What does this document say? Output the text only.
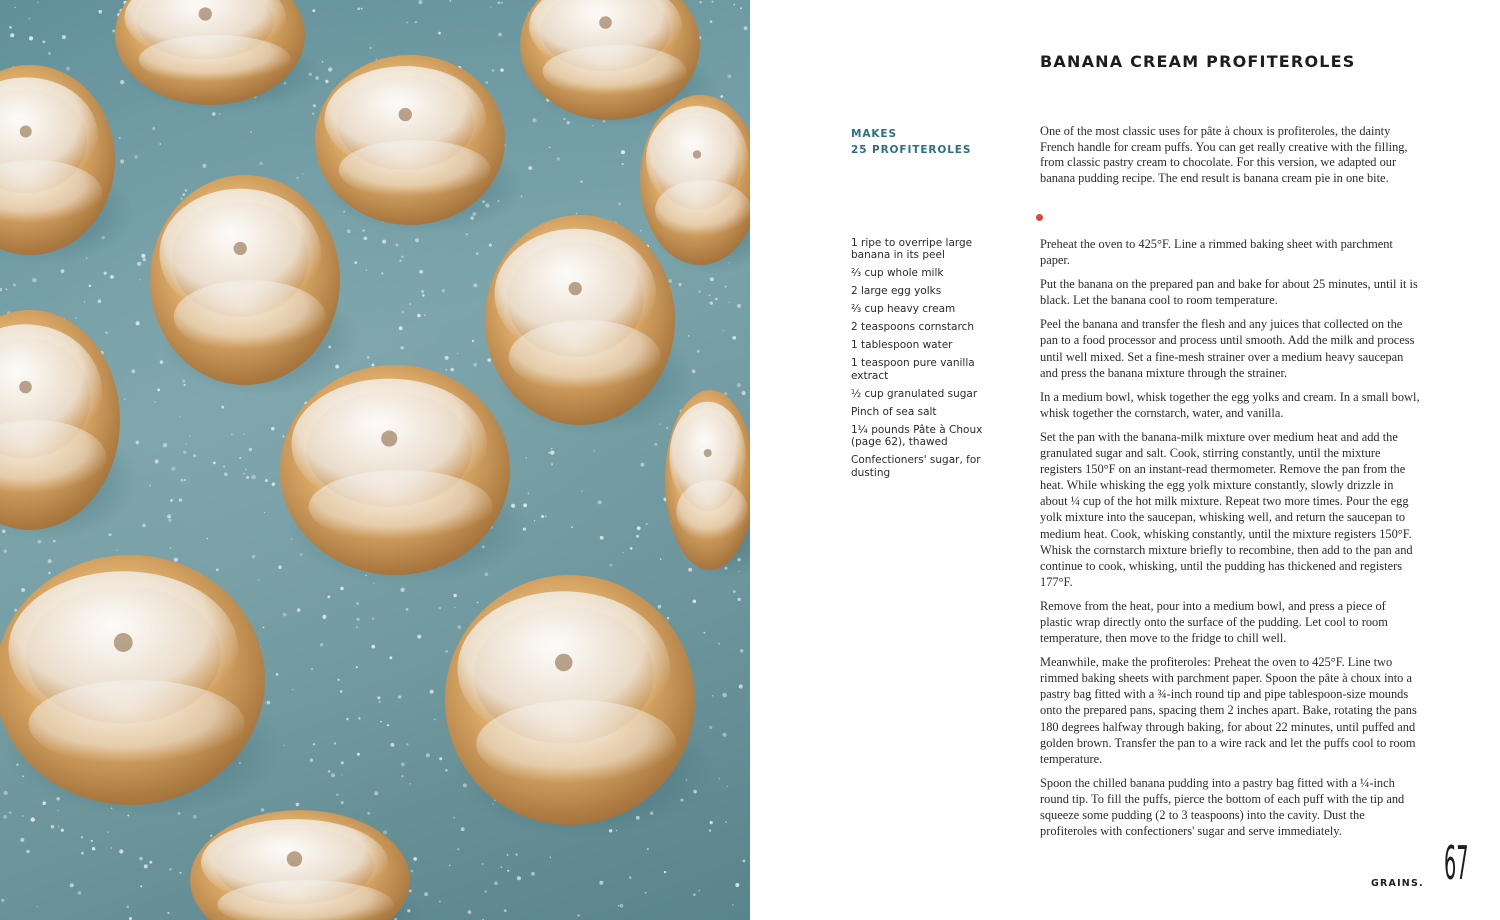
BANANA CREAM PROFITEROLES
MAKES
25 PROFITEROLES
One of the most classic uses for pâte à choux is profiteroles, the dainty French handle for cream puffs. You can get really creative with the filling, from classic pastry cream to chocolate. For this version, we adapted our banana pudding recipe. The end result is banana cream pie in one bite.
1 ripe to overripe large banana in its peel
⅔ cup whole milk
2 large egg yolks
⅔ cup heavy cream
2 teaspoons cornstarch
1 tablespoon water
1 teaspoon pure vanilla extract
½ cup granulated sugar
Pinch of sea salt
1¼ pounds Pâte à Choux (page 62), thawed
Confectioners' sugar, for dusting

Preheat the oven to 425°F. Line a rimmed baking sheet with parchment paper.

Put the banana on the prepared pan and bake for about 25 minutes, until it is black. Let the banana cool to room temperature.

Peel the banana and transfer the flesh and any juices that collected on the pan to a food processor and process until smooth. Add the milk and process until well mixed. Set a fine-mesh strainer over a medium heavy saucepan and press the banana mixture through the strainer.

In a medium bowl, whisk together the egg yolks and cream. In a small bowl, whisk together the cornstarch, water, and vanilla.

Set the pan with the banana-milk mixture over medium heat and add the granulated sugar and salt. Cook, stirring constantly, until the mixture registers 150°F on an instant-read thermometer. Remove the pan from the heat. While whisking the egg yolk mixture constantly, slowly drizzle in about ¼ cup of the hot milk mixture. Repeat two more times. Pour the egg yolk mixture into the saucepan, whisking well, and return the saucepan to medium heat. Cook, whisking constantly, until the mixture registers 150°F. Whisk the cornstarch mixture briefly to recombine, then add to the pan and continue to cook, whisking, until the pudding has thickened and registers 177°F.

Remove from the heat, pour into a medium bowl, and press a piece of plastic wrap directly onto the surface of the pudding. Let cool to room temperature, then move to the fridge to chill well.

Meanwhile, make the profiteroles: Preheat the oven to 425°F. Line two rimmed baking sheets with parchment paper. Spoon the pâte à choux into a pastry bag fitted with a ¾-inch round tip and pipe tablespoon-size mounds onto the prepared pans, spacing them 2 inches apart. Bake, rotating the pans 180 degrees halfway through baking, for about 22 minutes, until puffed and golden brown. Transfer the pan to a wire rack and let the puffs cool to room temperature.

Spoon the chilled banana pudding into a pastry bag fitted with a ¼-inch round tip. To fill the puffs, pierce the bottom of each puff with the tip and squeeze some pudding (2 to 3 teaspoons) into the cavity. Dust the profiteroles with confectioners' sugar and serve immediately.

GRAINS. 67
